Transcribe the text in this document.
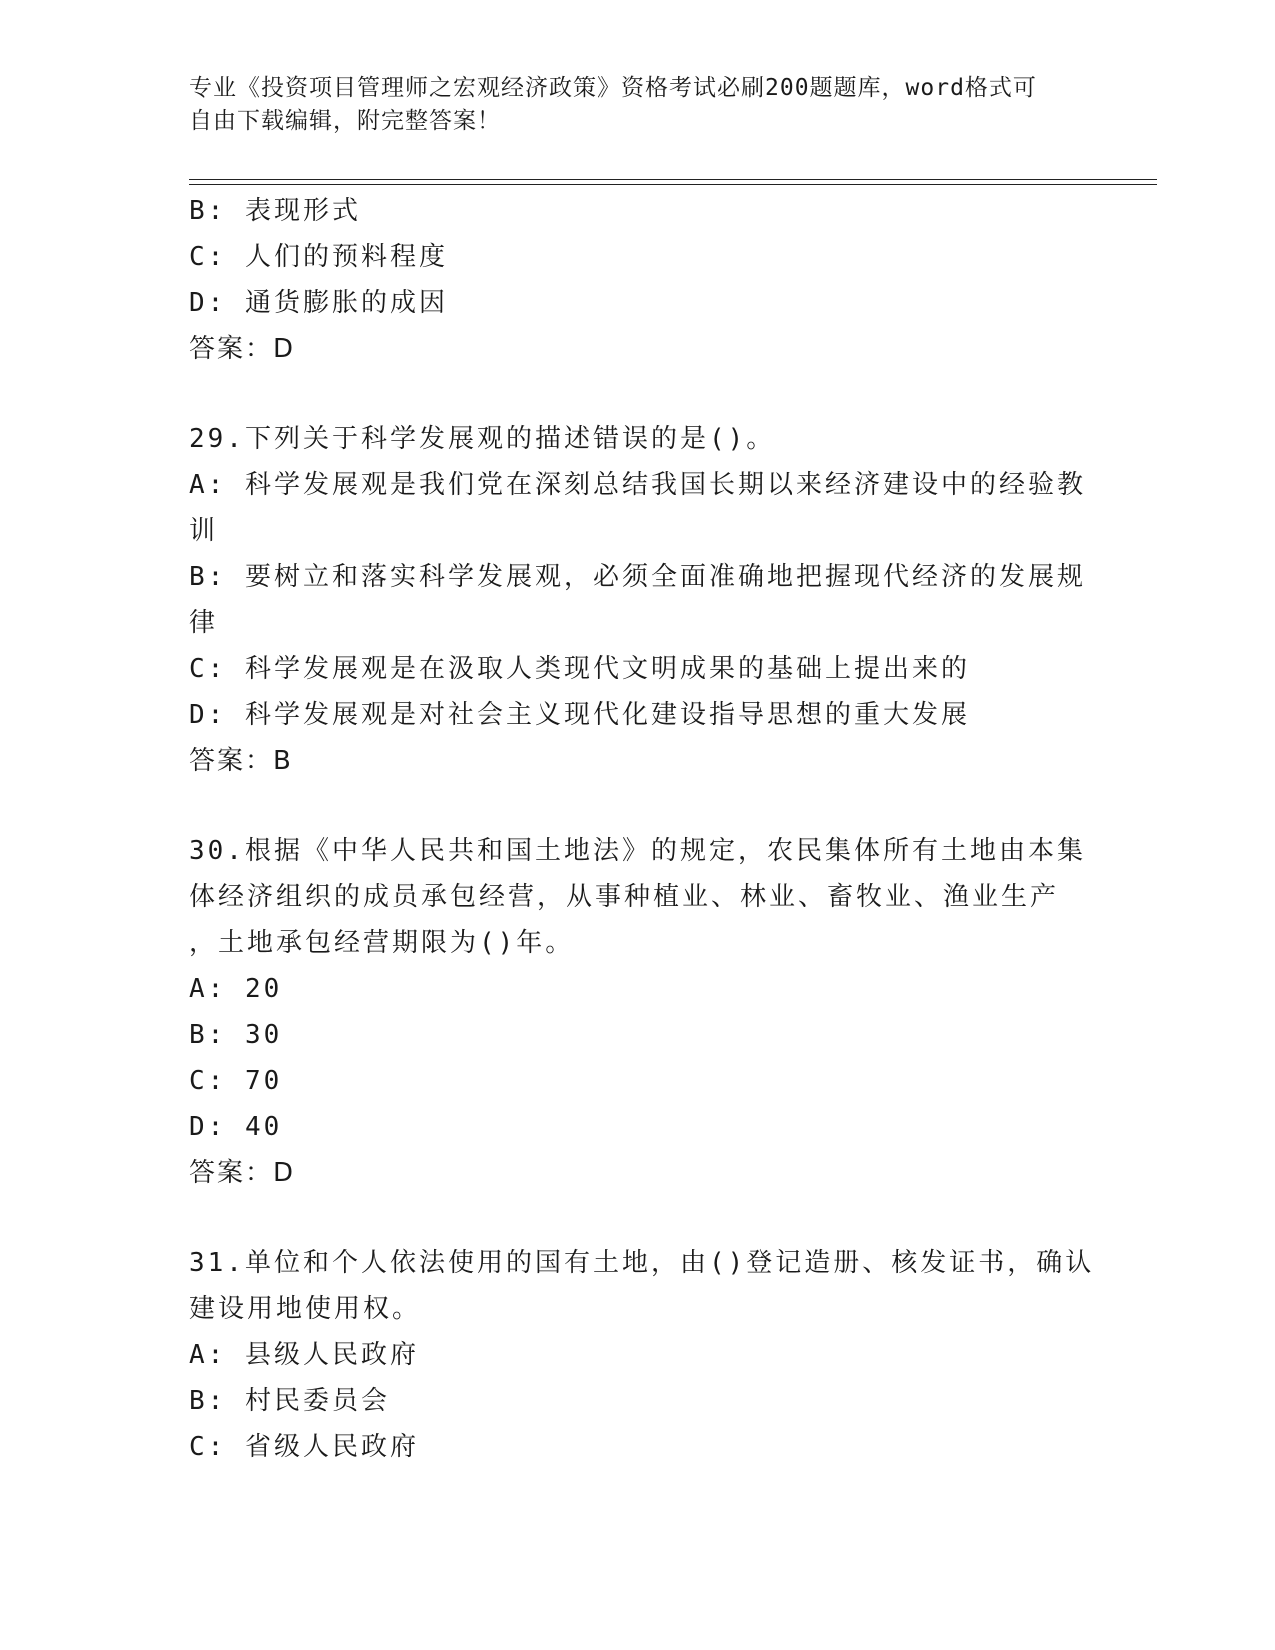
专业《投资项目管理师之宏观经济政策》资格考试必刷200题题库，word格式可
自由下载编辑，附完整答案！
B: 表现形式
C: 人们的预料程度
D: 通货膨胀的成因
答案：D
29.下列关于科学发展观的描述错误的是()。
A: 科学发展观是我们党在深刻总结我国长期以来经济建设中的经验教
训
B: 要树立和落实科学发展观，必须全面准确地把握现代经济的发展规
律
C: 科学发展观是在汲取人类现代文明成果的基础上提出来的
D: 科学发展观是对社会主义现代化建设指导思想的重大发展
答案：B
30.根据《中华人民共和国土地法》的规定，农民集体所有土地由本集
体经济组织的成员承包经营，从事种植业、林业、畜牧业、渔业生产
，土地承包经营期限为()年。
A: 20
B: 30
C: 70
D: 40
答案：D
31.单位和个人依法使用的国有土地，由()登记造册、核发证书，确认
建设用地使用权。
A: 县级人民政府
B: 村民委员会
C: 省级人民政府
